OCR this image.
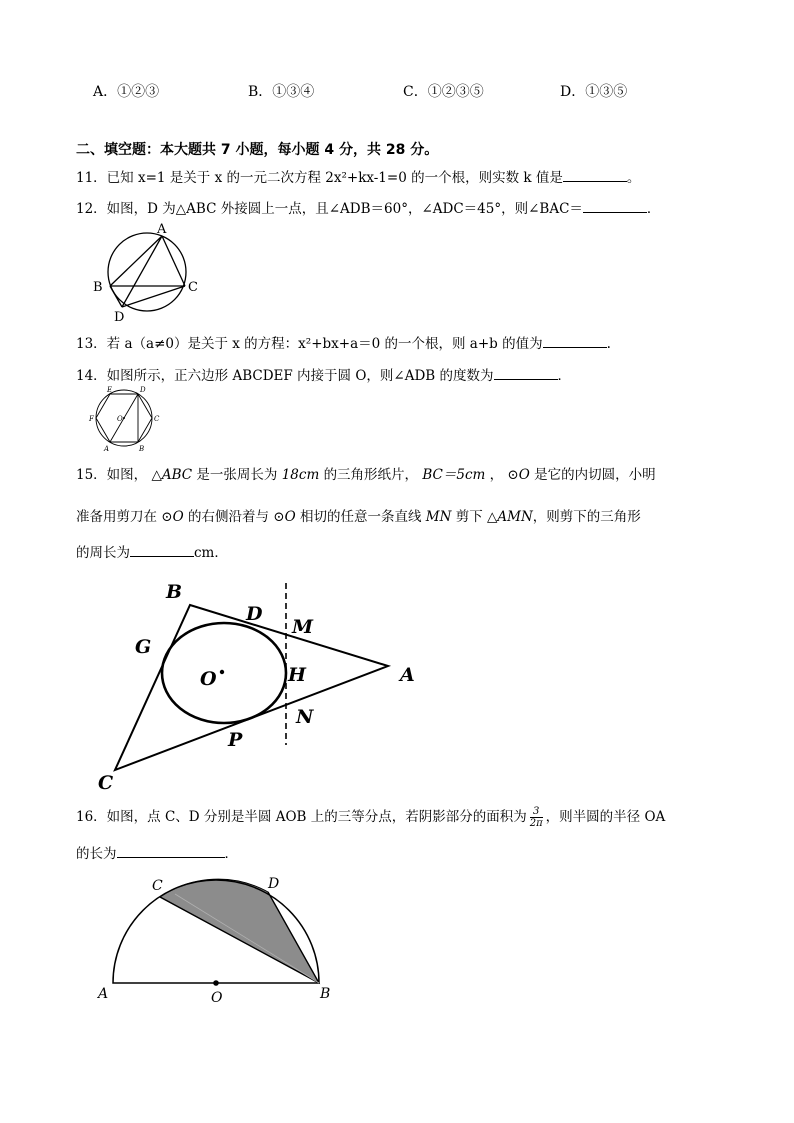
A．①②③	B．①③④	C．①②③⑤	D．①③⑤
二、填空题：本大题共 7 小题，每小题 4 分，共 28 分。
11．已知 x=1 是关于 x 的一元二次方程 2x²+kx-1=0 的一个根，则实数 k 值是	。
12．如图，D 为△ABC 外接圆上一点，且∠ADB＝60°，∠ADC＝45°，则∠BAC＝	．
A
B	C
D
13．若 a（a≠0）是关于 x 的方程：x²+bx+a＝0 的一个根，则 a+b 的值为	.
14．如图所示，正六边形 ABCDEF 内接于圆 O，则∠ADB 的度数为	．
E	D
F	C
O
A	B
15．如图， △ABC 是一张周长为 18cm 的三角形纸片， BC＝5cm ， ⊙O 是它的内切圆，小明
准备用剪刀在 ⊙O 的右侧沿着与 ⊙O 相切的任意一条直线 MN 剪下 △AMN，则剪下的三角形
的周长为	cm．
B
D
M
G
O	H	A
N
P
C
16．如图，点 C、D 分别是半圆 AOB 上的三等分点，若阴影部分的面积为 $\frac{3}{2\pi}$ ，则半圆的半径 OA
的长为	．
C	D
A	O	B
